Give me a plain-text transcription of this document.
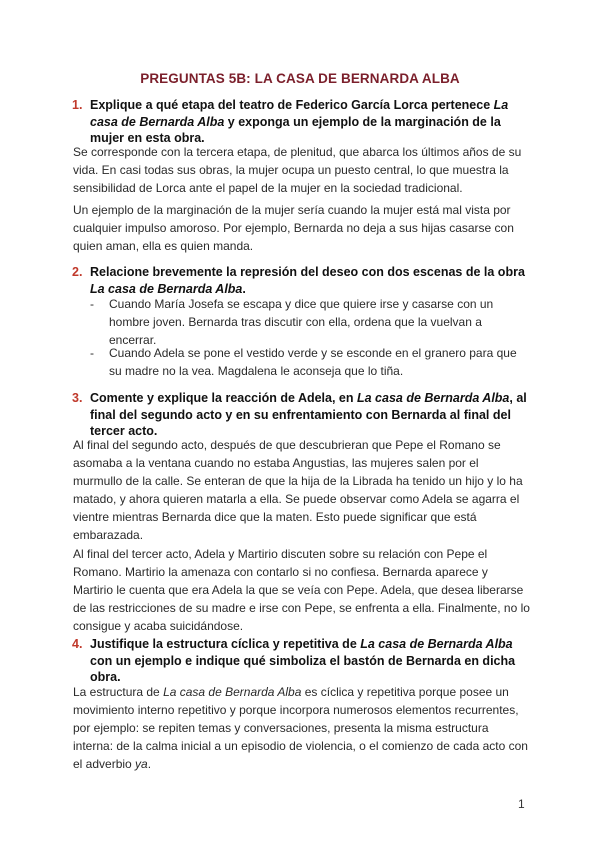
PREGUNTAS 5B: LA CASA DE BERNARDA ALBA
1. Explique a qué etapa del teatro de Federico García Lorca pertenece La casa de Bernarda Alba y exponga un ejemplo de la marginación de la mujer en esta obra.
Se corresponde con la tercera etapa, de plenitud, que abarca los últimos años de su vida. En casi todas sus obras, la mujer ocupa un puesto central, lo que muestra la sensibilidad de Lorca ante el papel de la mujer en la sociedad tradicional.
Un ejemplo de la marginación de la mujer sería cuando la mujer está mal vista por cualquier impulso amoroso. Por ejemplo, Bernarda no deja a sus hijas casarse con quien aman, ella es quien manda.
2. Relacione brevemente la represión del deseo con dos escenas de la obra La casa de Bernarda Alba.
- Cuando María Josefa se escapa y dice que quiere irse y casarse con un hombre joven. Bernarda tras discutir con ella, ordena que la vuelvan a encerrar.
- Cuando Adela se pone el vestido verde y se esconde en el granero para que su madre no la vea. Magdalena le aconseja que lo tiña.
3. Comente y explique la reacción de Adela, en La casa de Bernarda Alba, al final del segundo acto y en su enfrentamiento con Bernarda al final del tercer acto.
Al final del segundo acto, después de que descubrieran que Pepe el Romano se asomaba a la ventana cuando no estaba Angustias, las mujeres salen por el murmullo de la calle. Se enteran de que la hija de la Librada ha tenido un hijo y lo ha matado, y ahora quieren matarla a ella. Se puede observar como Adela se agarra el vientre mientras Bernarda dice que la maten. Esto puede significar que está embarazada.
Al final del tercer acto, Adela y Martirio discuten sobre su relación con Pepe el Romano. Martirio la amenaza con contarlo si no confiesa. Bernarda aparece y Martirio le cuenta que era Adela la que se veía con Pepe. Adela, que desea liberarse de las restricciones de su madre e irse con Pepe, se enfrenta a ella. Finalmente, no lo consigue y acaba suicidándose.
4. Justifique la estructura cíclica y repetitiva de La casa de Bernarda Alba con un ejemplo e indique qué simboliza el bastón de Bernarda en dicha obra.
La estructura de La casa de Bernarda Alba es cíclica y repetitiva porque posee un movimiento interno repetitivo y porque incorpora numerosos elementos recurrentes, por ejemplo: se repiten temas y conversaciones, presenta la misma estructura interna: de la calma inicial a un episodio de violencia, o el comienzo de cada acto con el adverbio ya.
1
